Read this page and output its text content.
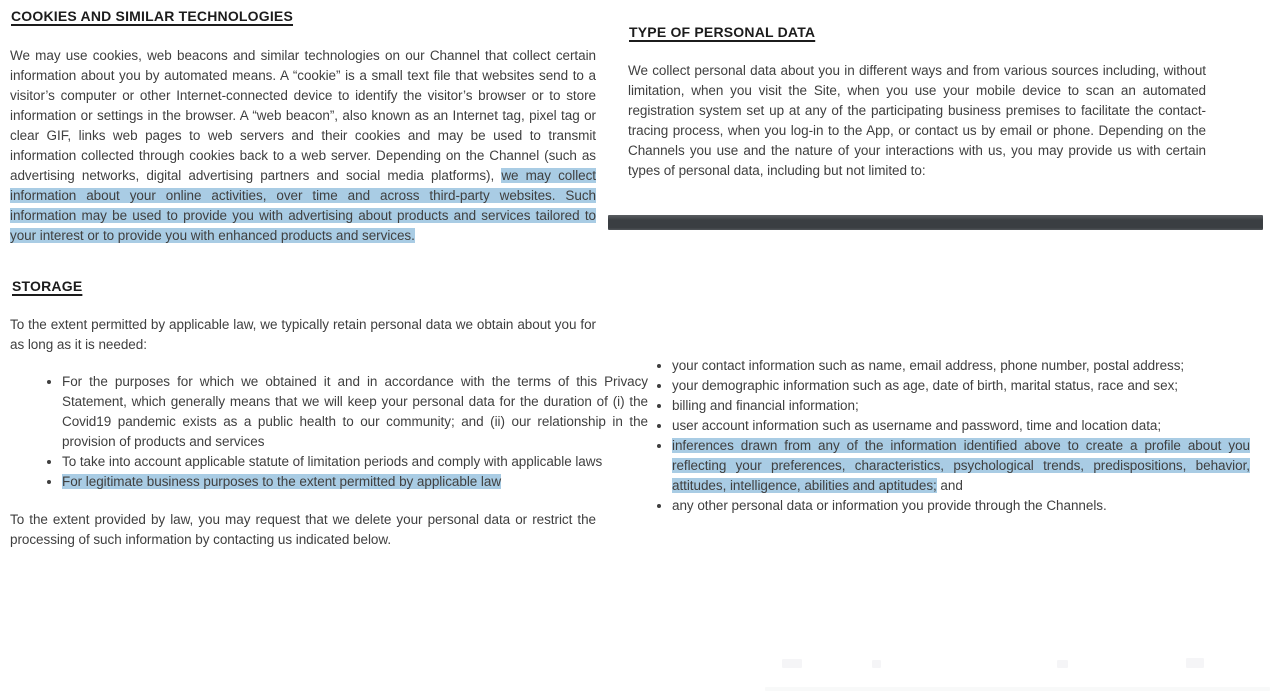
COOKIES AND SIMILAR TECHNOLOGIES

We may use cookies, web beacons and similar technologies on our Channel that collect certain information about you by automated means. A “cookie” is a small text file that websites send to a visitor’s computer or other Internet-connected device to identify the visitor’s browser or to store information or settings in the browser. A “web beacon”, also known as an Internet tag, pixel tag or clear GIF, links web pages to web servers and their cookies and may be used to transmit information collected through cookies back to a web server. Depending on the Channel (such as advertising networks, digital advertising partners and social media platforms), we may collect information about your online activities, over time and across third-party websites. Such information may be used to provide you with advertising about products and services tailored to your interest or to provide you with enhanced products and services.

STORAGE

To the extent permitted by applicable law, we typically retain personal data we obtain about you for as long as it is needed:

• For the purposes for which we obtained it and in accordance with the terms of this Privacy Statement, which generally means that we will keep your personal data for the duration of (i) the Covid19 pandemic exists as a public health to our community; and (ii) our relationship in the provision of products and services
• To take into account applicable statute of limitation periods and comply with applicable laws
• For legitimate business purposes to the extent permitted by applicable law

To the extent provided by law, you may request that we delete your personal data or restrict the processing of such information by contacting us indicated below.

TYPE OF PERSONAL DATA

We collect personal data about you in different ways and from various sources including, without limitation, when you visit the Site, when you use your mobile device to scan an automated registration system set up at any of the participating business premises to facilitate the contact-tracing process, when you log-in to the App, or contact us by email or phone. Depending on the Channels you use and the nature of your interactions with us, you may provide us with certain types of personal data, including but not limited to:

• your contact information such as name, email address, phone number, postal address;
• your demographic information such as age, date of birth, marital status, race and sex;
• billing and financial information;
• user account information such as username and password, time and location data;
• inferences drawn from any of the information identified above to create a profile about you reflecting your preferences, characteristics, psychological trends, predispositions, behavior, attitudes, intelligence, abilities and aptitudes; and
• any other personal data or information you provide through the Channels.
